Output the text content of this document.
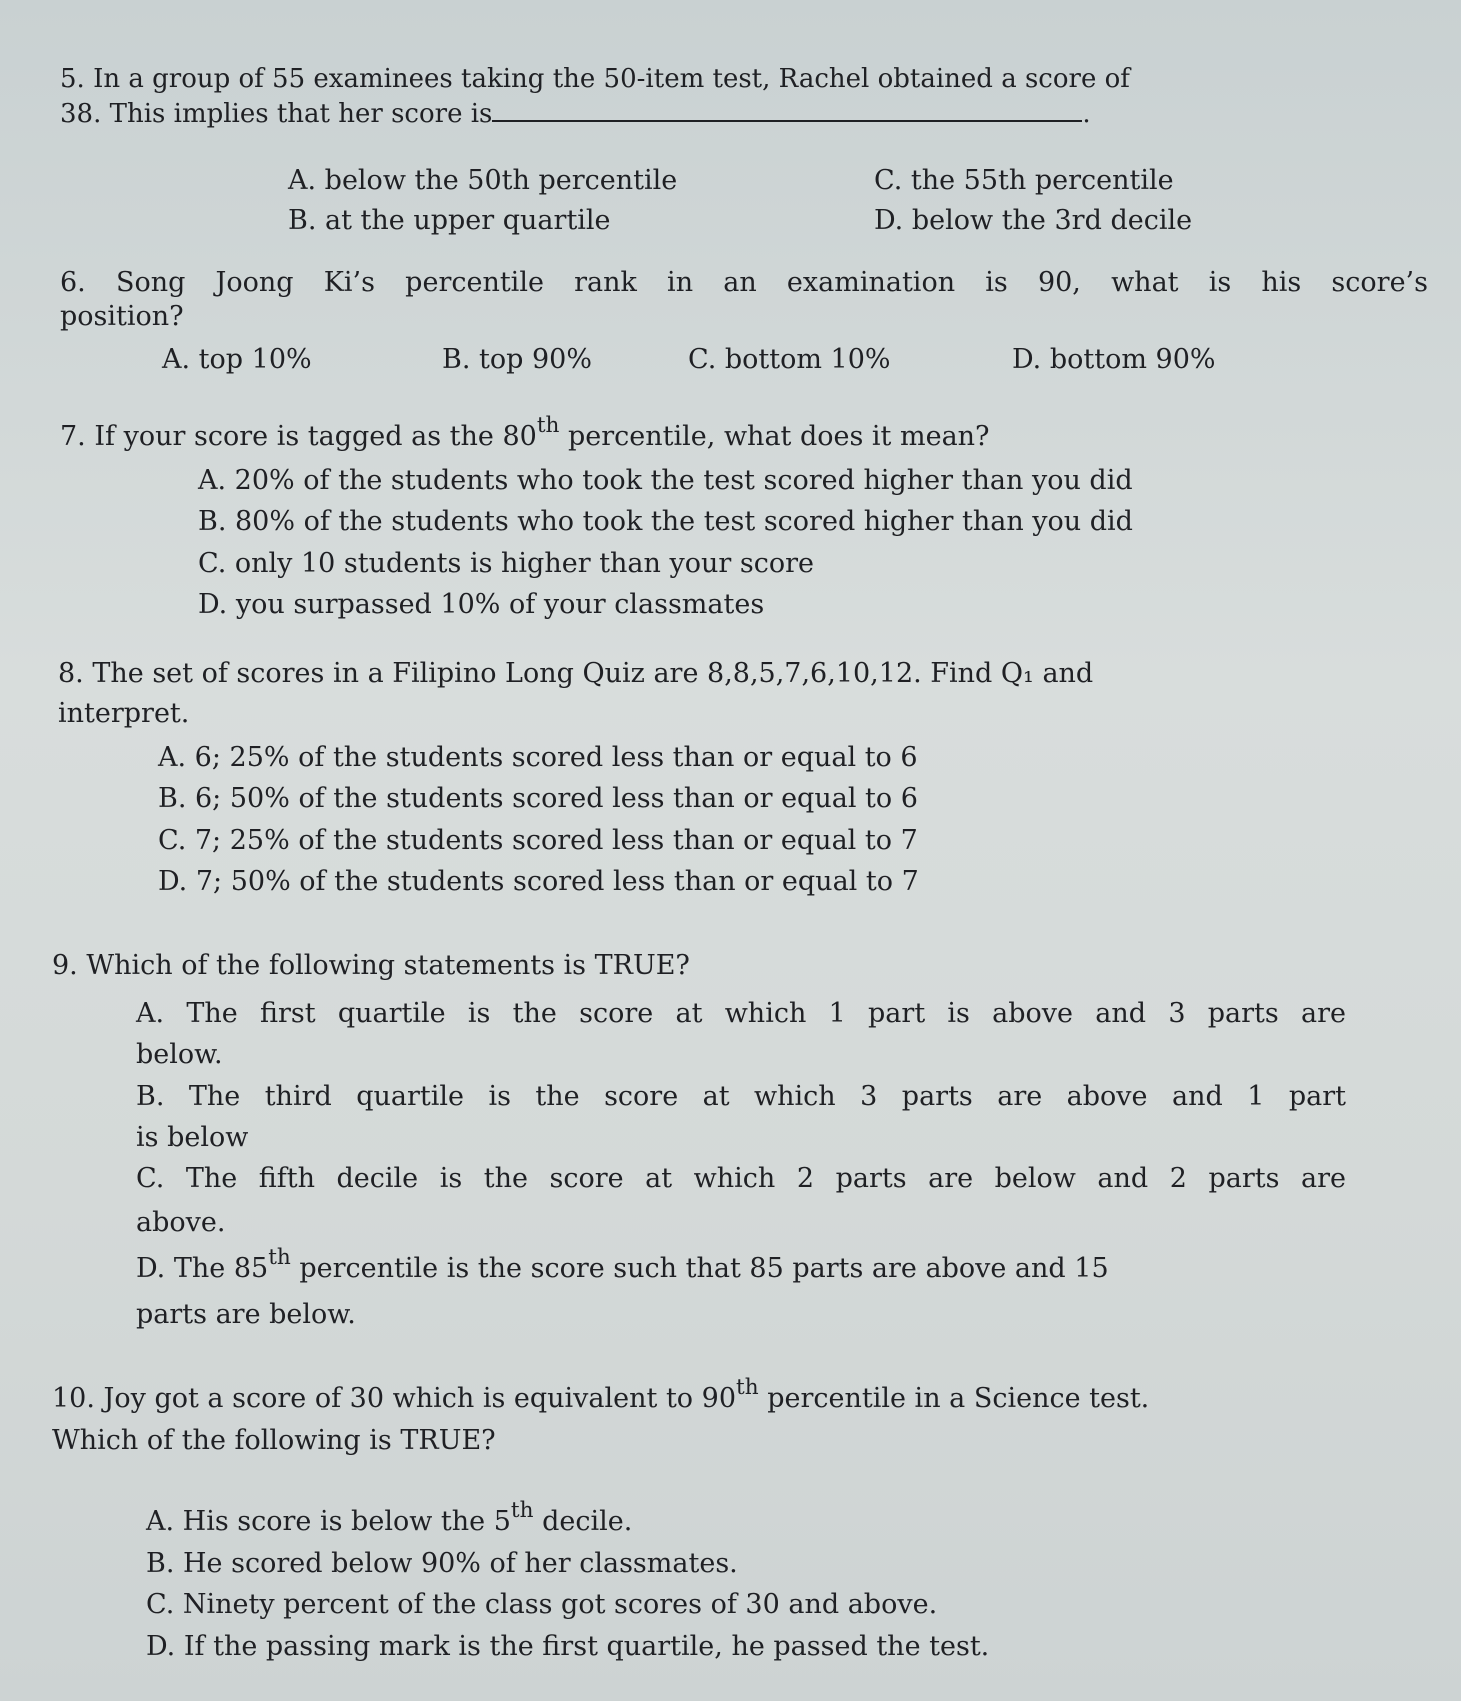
5. In a group of 55 examinees taking the 50-item test, Rachel obtained a score of
38. This implies that her score is	.
A. below the 50th percentile
B. at the upper quartile
C. the 55th percentile
D. below the 3rd decile
6. Song Joong Ki’s percentile rank in an examination is 90, what is his score’s
position?
A. top 10%	B. top 90%	C. bottom 10%	D. bottom 90%
7. If your score is tagged as the 80th percentile, what does it mean?
A. 20% of the students who took the test scored higher than you did
B. 80% of the students who took the test scored higher than you did
C. only 10 students is higher than your score
D. you surpassed 10% of your classmates
8. The set of scores in a Filipino Long Quiz are 8,8,5,7,6,10,12. Find Q₁ and
interpret.
A. 6; 25% of the students scored less than or equal to 6
B. 6; 50% of the students scored less than or equal to 6
C. 7; 25% of the students scored less than or equal to 7
D. 7; 50% of the students scored less than or equal to 7
9. Which of the following statements is TRUE?
A. The first quartile is the score at which 1 part is above and 3 parts are
below.
B. The third quartile is the score at which 3 parts are above and 1 part
is below
C. The fifth decile is the score at which 2 parts are below and 2 parts are
above.
D. The 85th percentile is the score such that 85 parts are above and 15
parts are below.
10. Joy got a score of 30 which is equivalent to 90th percentile in a Science test.
Which of the following is TRUE?
A. His score is below the 5th decile.
B. He scored below 90% of her classmates.
C. Ninety percent of the class got scores of 30 and above.
D. If the passing mark is the first quartile, he passed the test.
